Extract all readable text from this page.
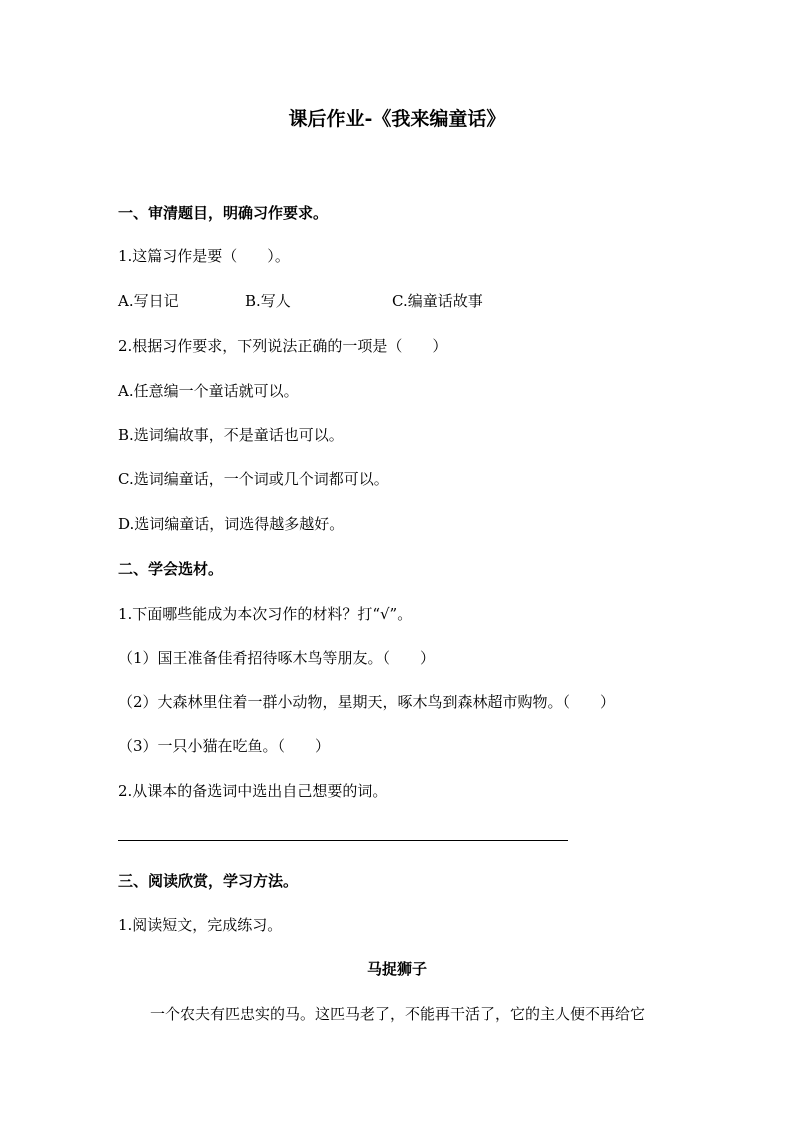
课后作业-《我来编童话》
一、审清题目，明确习作要求。
1.这篇习作是要（　　）。
A.写日记	B.写人	C.编童话故事
2.根据习作要求，下列说法正确的一项是（　　）
A.任意编一个童话就可以。
B.选词编故事，不是童话也可以。
C.选词编童话，一个词或几个词都可以。
D.选词编童话，词选得越多越好。
二、学会选材。
1.下面哪些能成为本次习作的材料？打“√”。
（1）国王准备佳肴招待啄木鸟等朋友。（　　）
（2）大森林里住着一群小动物，星期天，啄木鸟到森林超市购物。（　　）
（3）一只小猫在吃鱼。（　　）
2.从课本的备选词中选出自己想要的词。
三、阅读欣赏，学习方法。
1.阅读短文，完成练习。
马捉狮子
一个农夫有匹忠实的马。这匹马老了，不能再干活了，它的主人便不再给它
